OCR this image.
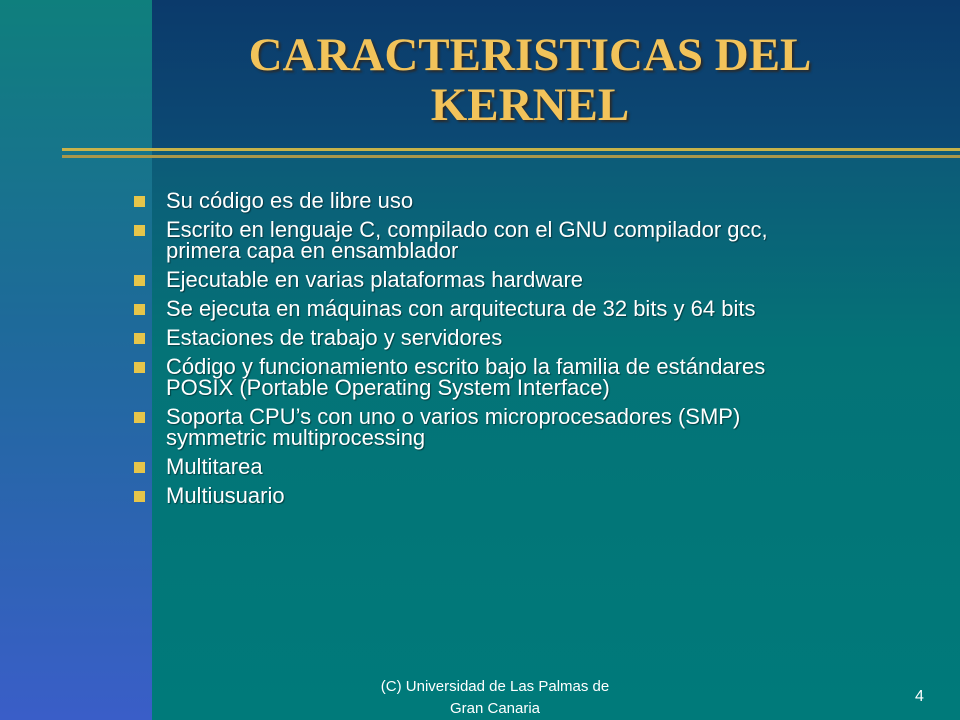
CARACTERISTICAS DEL
KERNEL
Su código es de libre uso
Escrito en lenguaje C, compilado con el GNU compilador gcc,
primera capa en ensamblador
Ejecutable en varias plataformas hardware
Se ejecuta en máquinas con arquitectura de 32 bits y 64 bits
Estaciones de trabajo y servidores
Código y funcionamiento escrito bajo la familia de estándares
POSIX (Portable Operating System Interface)
Soporta CPU’s con uno o varios microprocesadores (SMP)
symmetric multiprocessing
Multitarea
Multiusuario
(C) Universidad de Las Palmas de
Gran Canaria
4
